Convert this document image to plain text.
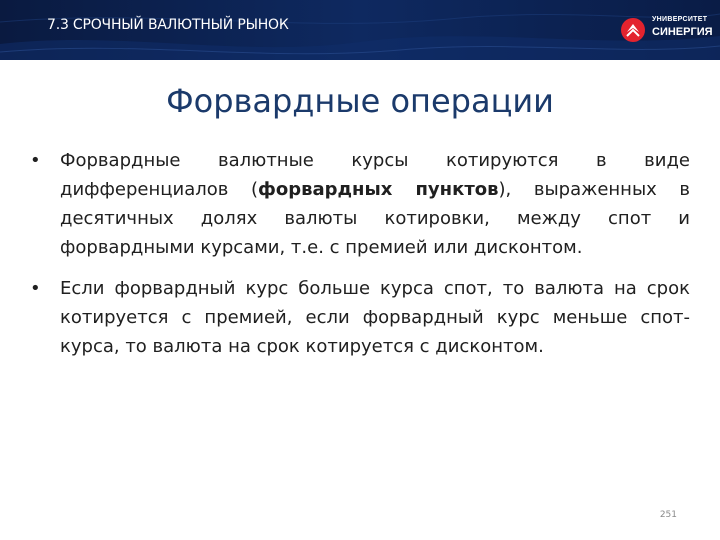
7.3 СРОЧНЫЙ ВАЛЮТНЫЙ РЫНОК	УНИВЕРСИТЕТ
СИНЕРГИЯ
Форвардные операции
• Форвардные валютные курсы котируются в виде дифференциалов (форвардных пунктов), выраженных в десятичных долях валюты котировки, между спот и форвардными курсами, т.е. с премией или дисконтом.
• Если форвардный курс больше курса спот, то валюта на срок котируется с премией, если форвардный курс меньше спот-курса, то валюта на срок котируется с дисконтом.
251
